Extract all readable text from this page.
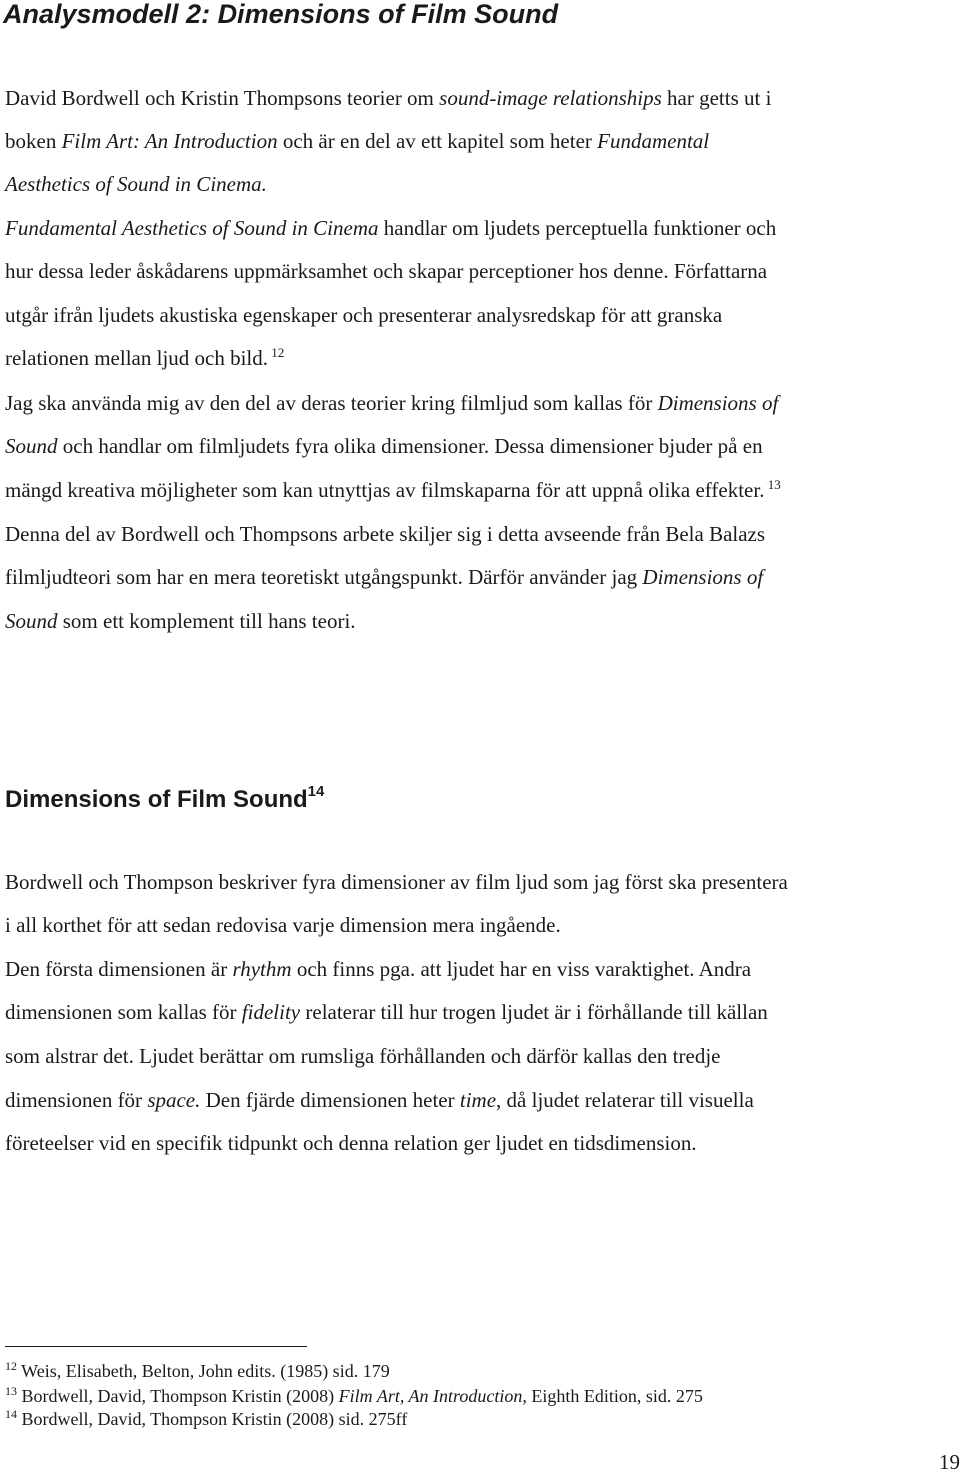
Analysmodell 2: Dimensions of Film Sound

David Bordwell och Kristin Thompsons teorier om sound-image relationships har getts ut i

boken Film Art: An Introduction och är en del av ett kapitel som heter Fundamental

Aesthetics of Sound in Cinema.

Fundamental Aesthetics of Sound in Cinema handlar om ljudets perceptuella funktioner och

hur dessa leder åskådarens uppmärksamhet och skapar perceptioner hos denne. Författarna

utgår ifrån ljudets akustiska egenskaper och presenterar analysredskap för att granska

relationen mellan ljud och bild. $^{12}$

Jag ska använda mig av den del av deras teorier kring filmljud som kallas för Dimensions of

Sound och handlar om filmljudets fyra olika dimensioner. Dessa dimensioner bjuder på en

mängd kreativa möjligheter som kan utnyttjas av filmskaparna för att uppnå olika effekter. $^{13}$

Denna del av Bordwell och Thompsons arbete skiljer sig i detta avseende från Bela Balazs

filmljudteori som har en mera teoretiskt utgångspunkt. Därför använder jag Dimensions of

Sound som ett komplement till hans teori.

Dimensions of Film Sound$^{14}$

Bordwell och Thompson beskriver fyra dimensioner av film ljud som jag först ska presentera

i all korthet för att sedan redovisa varje dimension mera ingående.

Den första dimensionen är rhythm och finns pga. att ljudet har en viss varaktighet. Andra

dimensionen som kallas för fidelity relaterar till hur trogen ljudet är i förhållande till källan

som alstrar det. Ljudet berättar om rumsliga förhållanden och därför kallas den tredje

dimensionen för space. Den fjärde dimensionen heter time, då ljudet relaterar till visuella

företeelser vid en specifik tidpunkt och denna relation ger ljudet en tidsdimension.

$^{12}$ Weis, Elisabeth, Belton, John edits. (1985) sid. 179

$^{13}$ Bordwell, David, Thompson Kristin (2008) Film Art, An Introduction, Eighth Edition, sid. 275

$^{14}$ Bordwell, David, Thompson Kristin (2008) sid. 275ff

19
